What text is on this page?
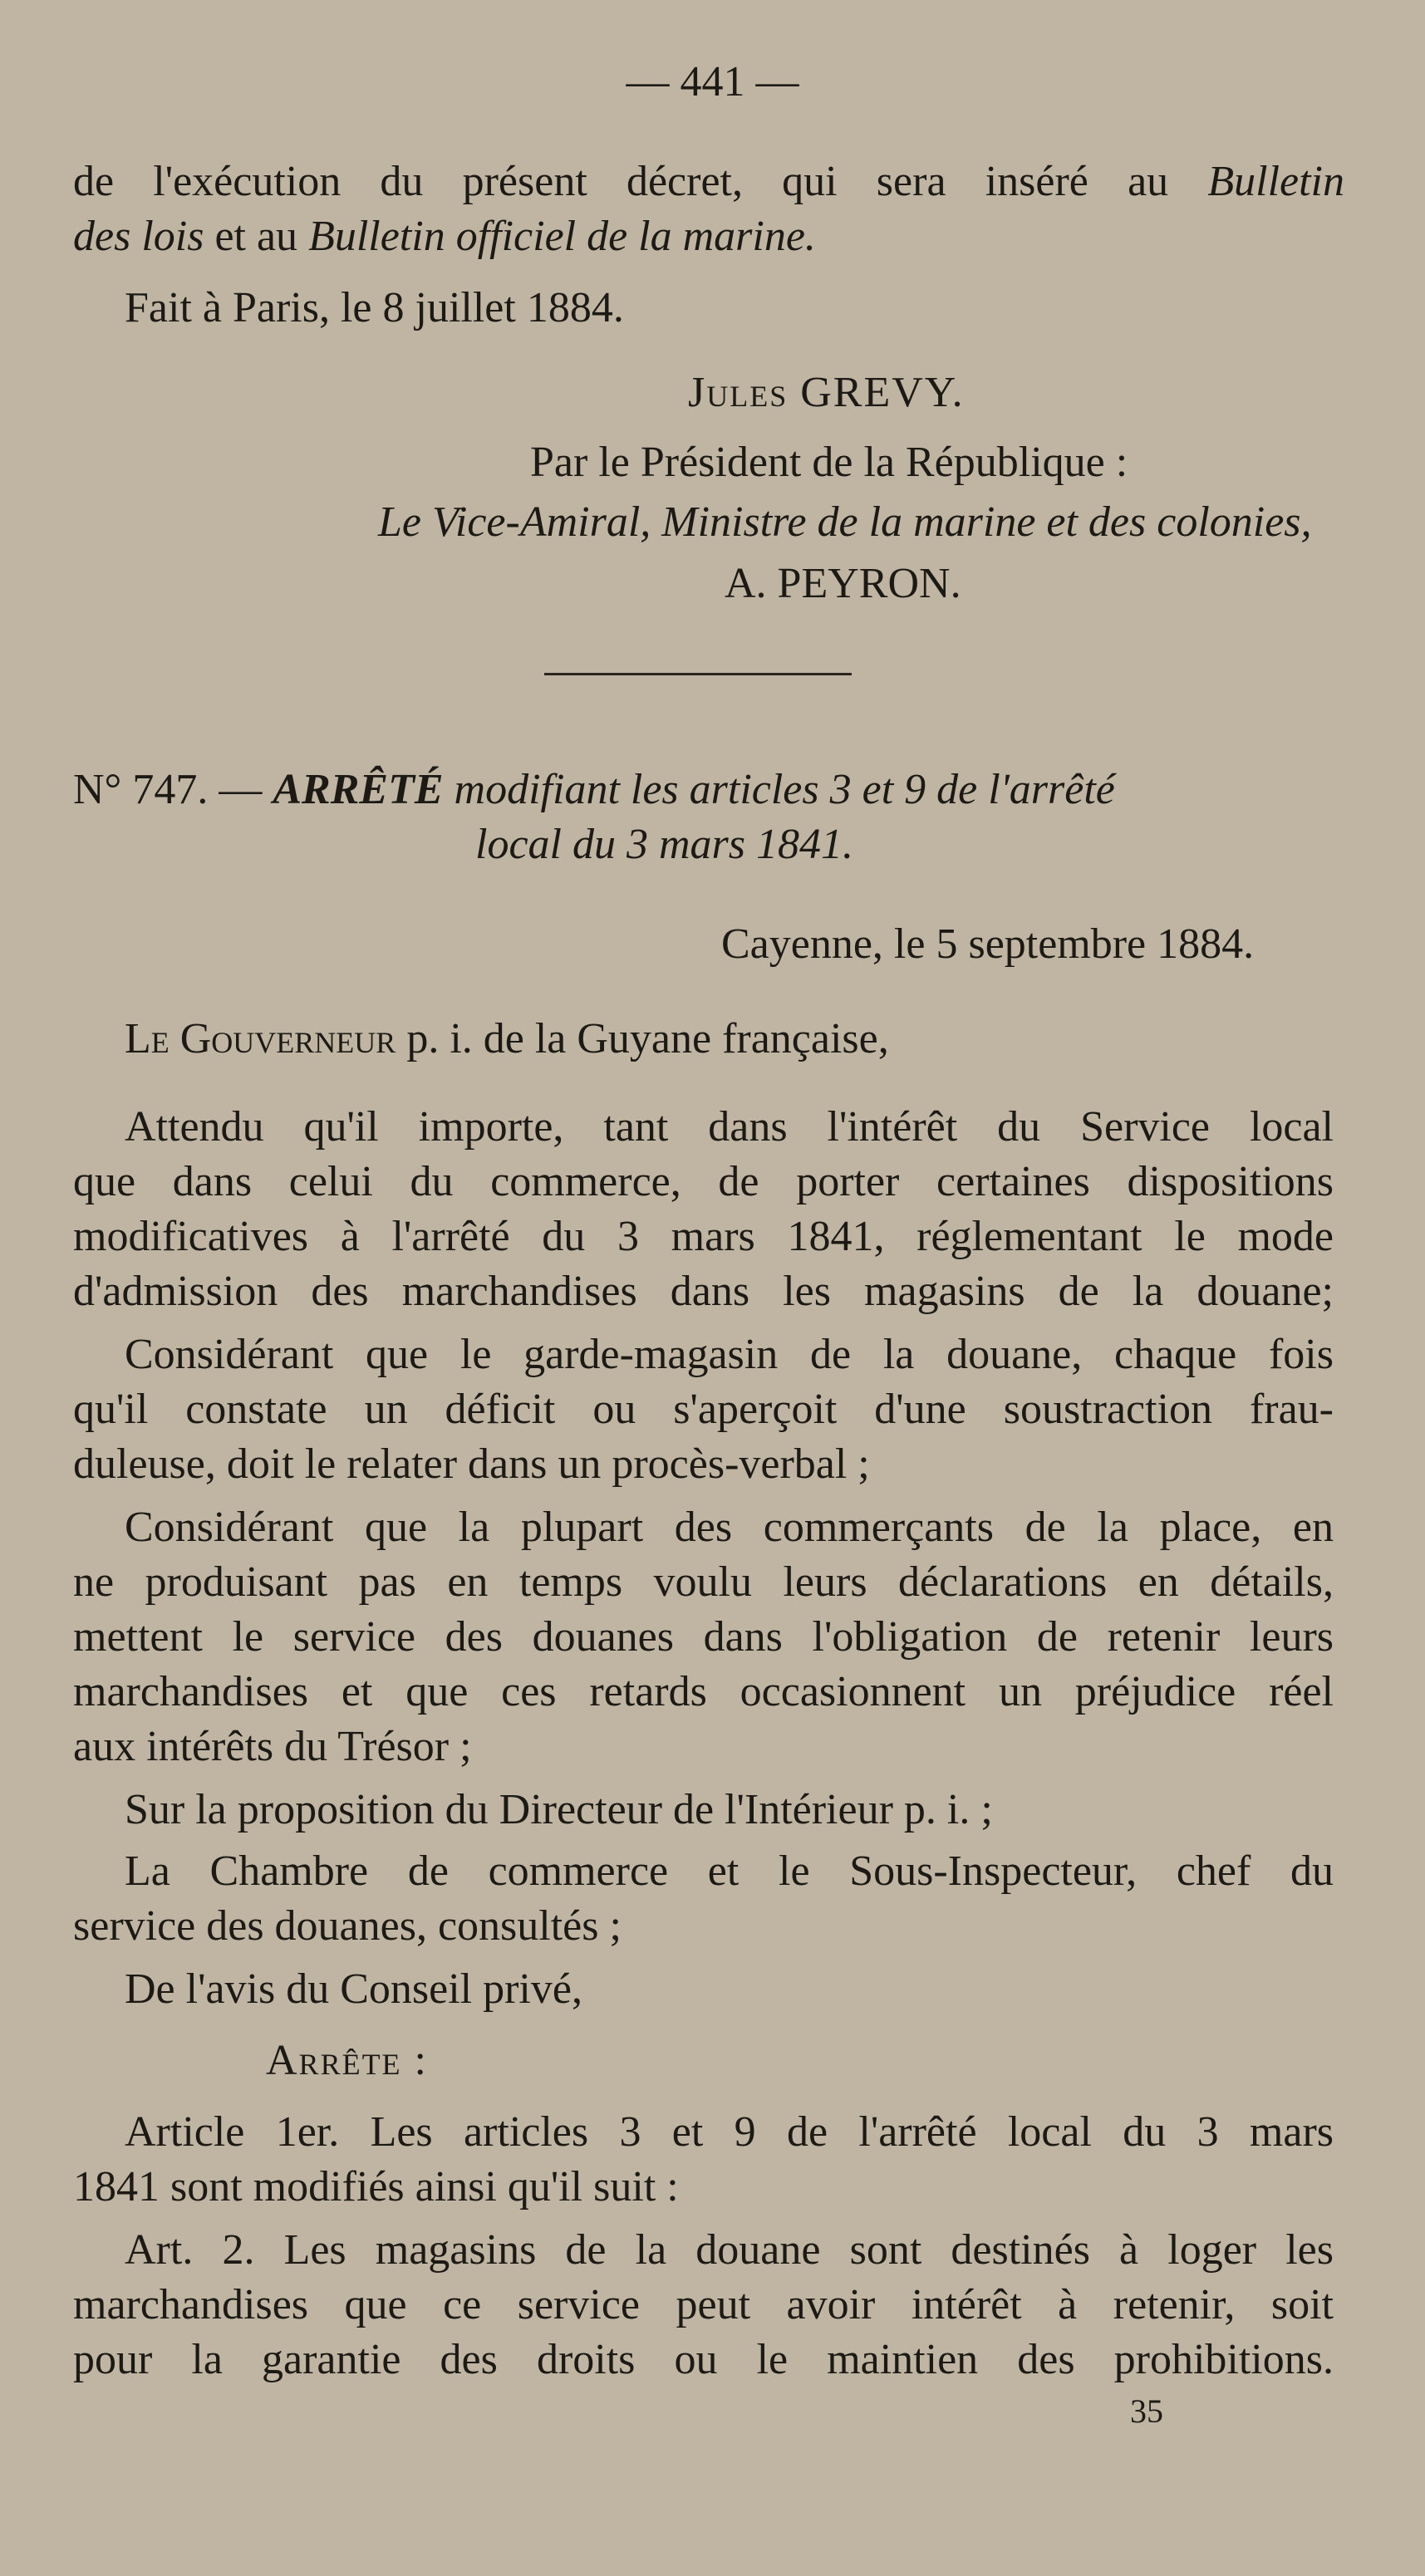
— 441 —

de l'exécution du présent décret, qui sera inséré au Bulletin

des lois et au Bulletin officiel de la marine.

Fait à Paris, le 8 juillet 1884.

Jules GREVY.

Par le Président de la République :

Le Vice-Amiral, Ministre de la marine et des colonies,

A. PEYRON.

N° 747. — ARRÊTÉ modifiant les articles 3 et 9 de l'arrêté

local du 3 mars 1841.

Cayenne, le 5 septembre 1884.

Le Gouverneur p. i. de la Guyane française,

Attendu qu'il importe, tant dans l'intérêt du Service local

que dans celui du commerce, de porter certaines dispositions

modificatives à l'arrêté du 3 mars 1841, réglementant le mode

d'admission des marchandises dans les magasins de la douane;

Considérant que le garde-magasin de la douane, chaque fois

qu'il constate un déficit ou s'aperçoit d'une soustraction frau-

duleuse, doit le relater dans un procès-verbal ;

Considérant que la plupart des commerçants de la place, en

ne produisant pas en temps voulu leurs déclarations en détails,

mettent le service des douanes dans l'obligation de retenir leurs

marchandises et que ces retards occasionnent un préjudice réel

aux intérêts du Trésor ;

Sur la proposition du Directeur de l'Intérieur p. i. ;

La Chambre de commerce et le Sous-Inspecteur, chef du

service des douanes, consultés ;

De l'avis du Conseil privé,

Arrête :

Article 1er. Les articles 3 et 9 de l'arrêté local du 3 mars

1841 sont modifiés ainsi qu'il suit :

Art. 2. Les magasins de la douane sont destinés à loger les

marchandises que ce service peut avoir intérêt à retenir, soit

pour la garantie des droits ou le maintien des prohibitions.

35
